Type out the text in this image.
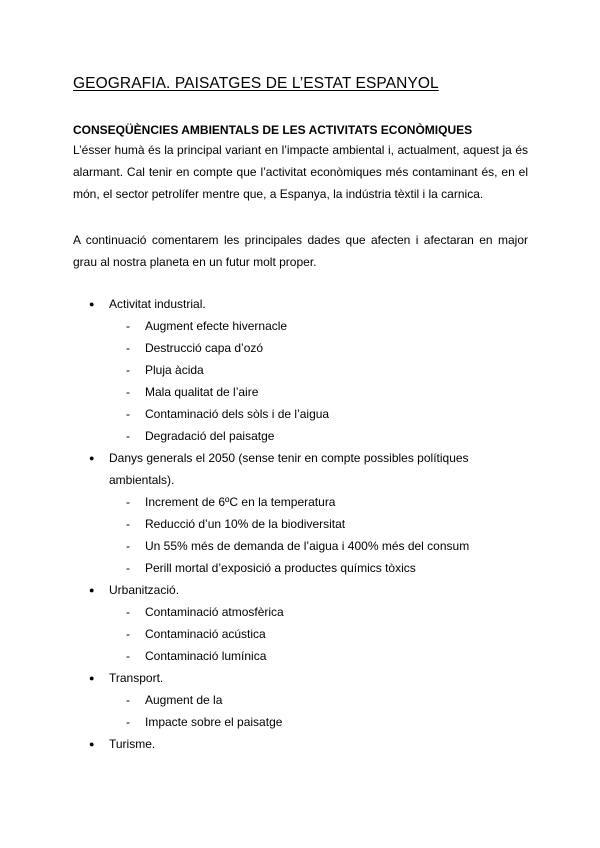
GEOGRAFIA. PAISATGES DE L’ESTAT ESPANYOL
CONSEQÜÈNCIES AMBIENTALS DE LES ACTIVITATS ECONÒMIQUES

L’ésser humà és la principal variant en l’impacte ambiental i, actualment, aquest ja és alarmant. Cal tenir en compte que l’activitat econòmiques més contaminant és, en el món, el sector petrolífer mentre que, a Espanya, la indústria tèxtil i la carnica.

A continuació comentarem les principales dades que afecten i afectaran en major grau al nostra planeta en un futur molt proper.

● Activitat industrial.
- Augment efecte hivernacle
- Destrucció capa d’ozó
- Pluja àcida
- Mala qualitat de l’aire
- Contaminació dels sòls i de l’aigua
- Degradació del paisatge
● Danys generals el 2050 (sense tenir en compte possibles polítiques ambientals).
- Increment de 6ºC en la temperatura
- Reducció d’un 10% de la biodiversitat
- Un 55% més de demanda de l’aigua i 400% més del consum
- Perill mortal d’exposició a productes químics tòxics
● Urbanització.
- Contaminació atmosfèrica
- Contaminació acústica
- Contaminació lumínica
● Transport.
- Augment de la
- Impacte sobre el paisatge
● Turisme.
